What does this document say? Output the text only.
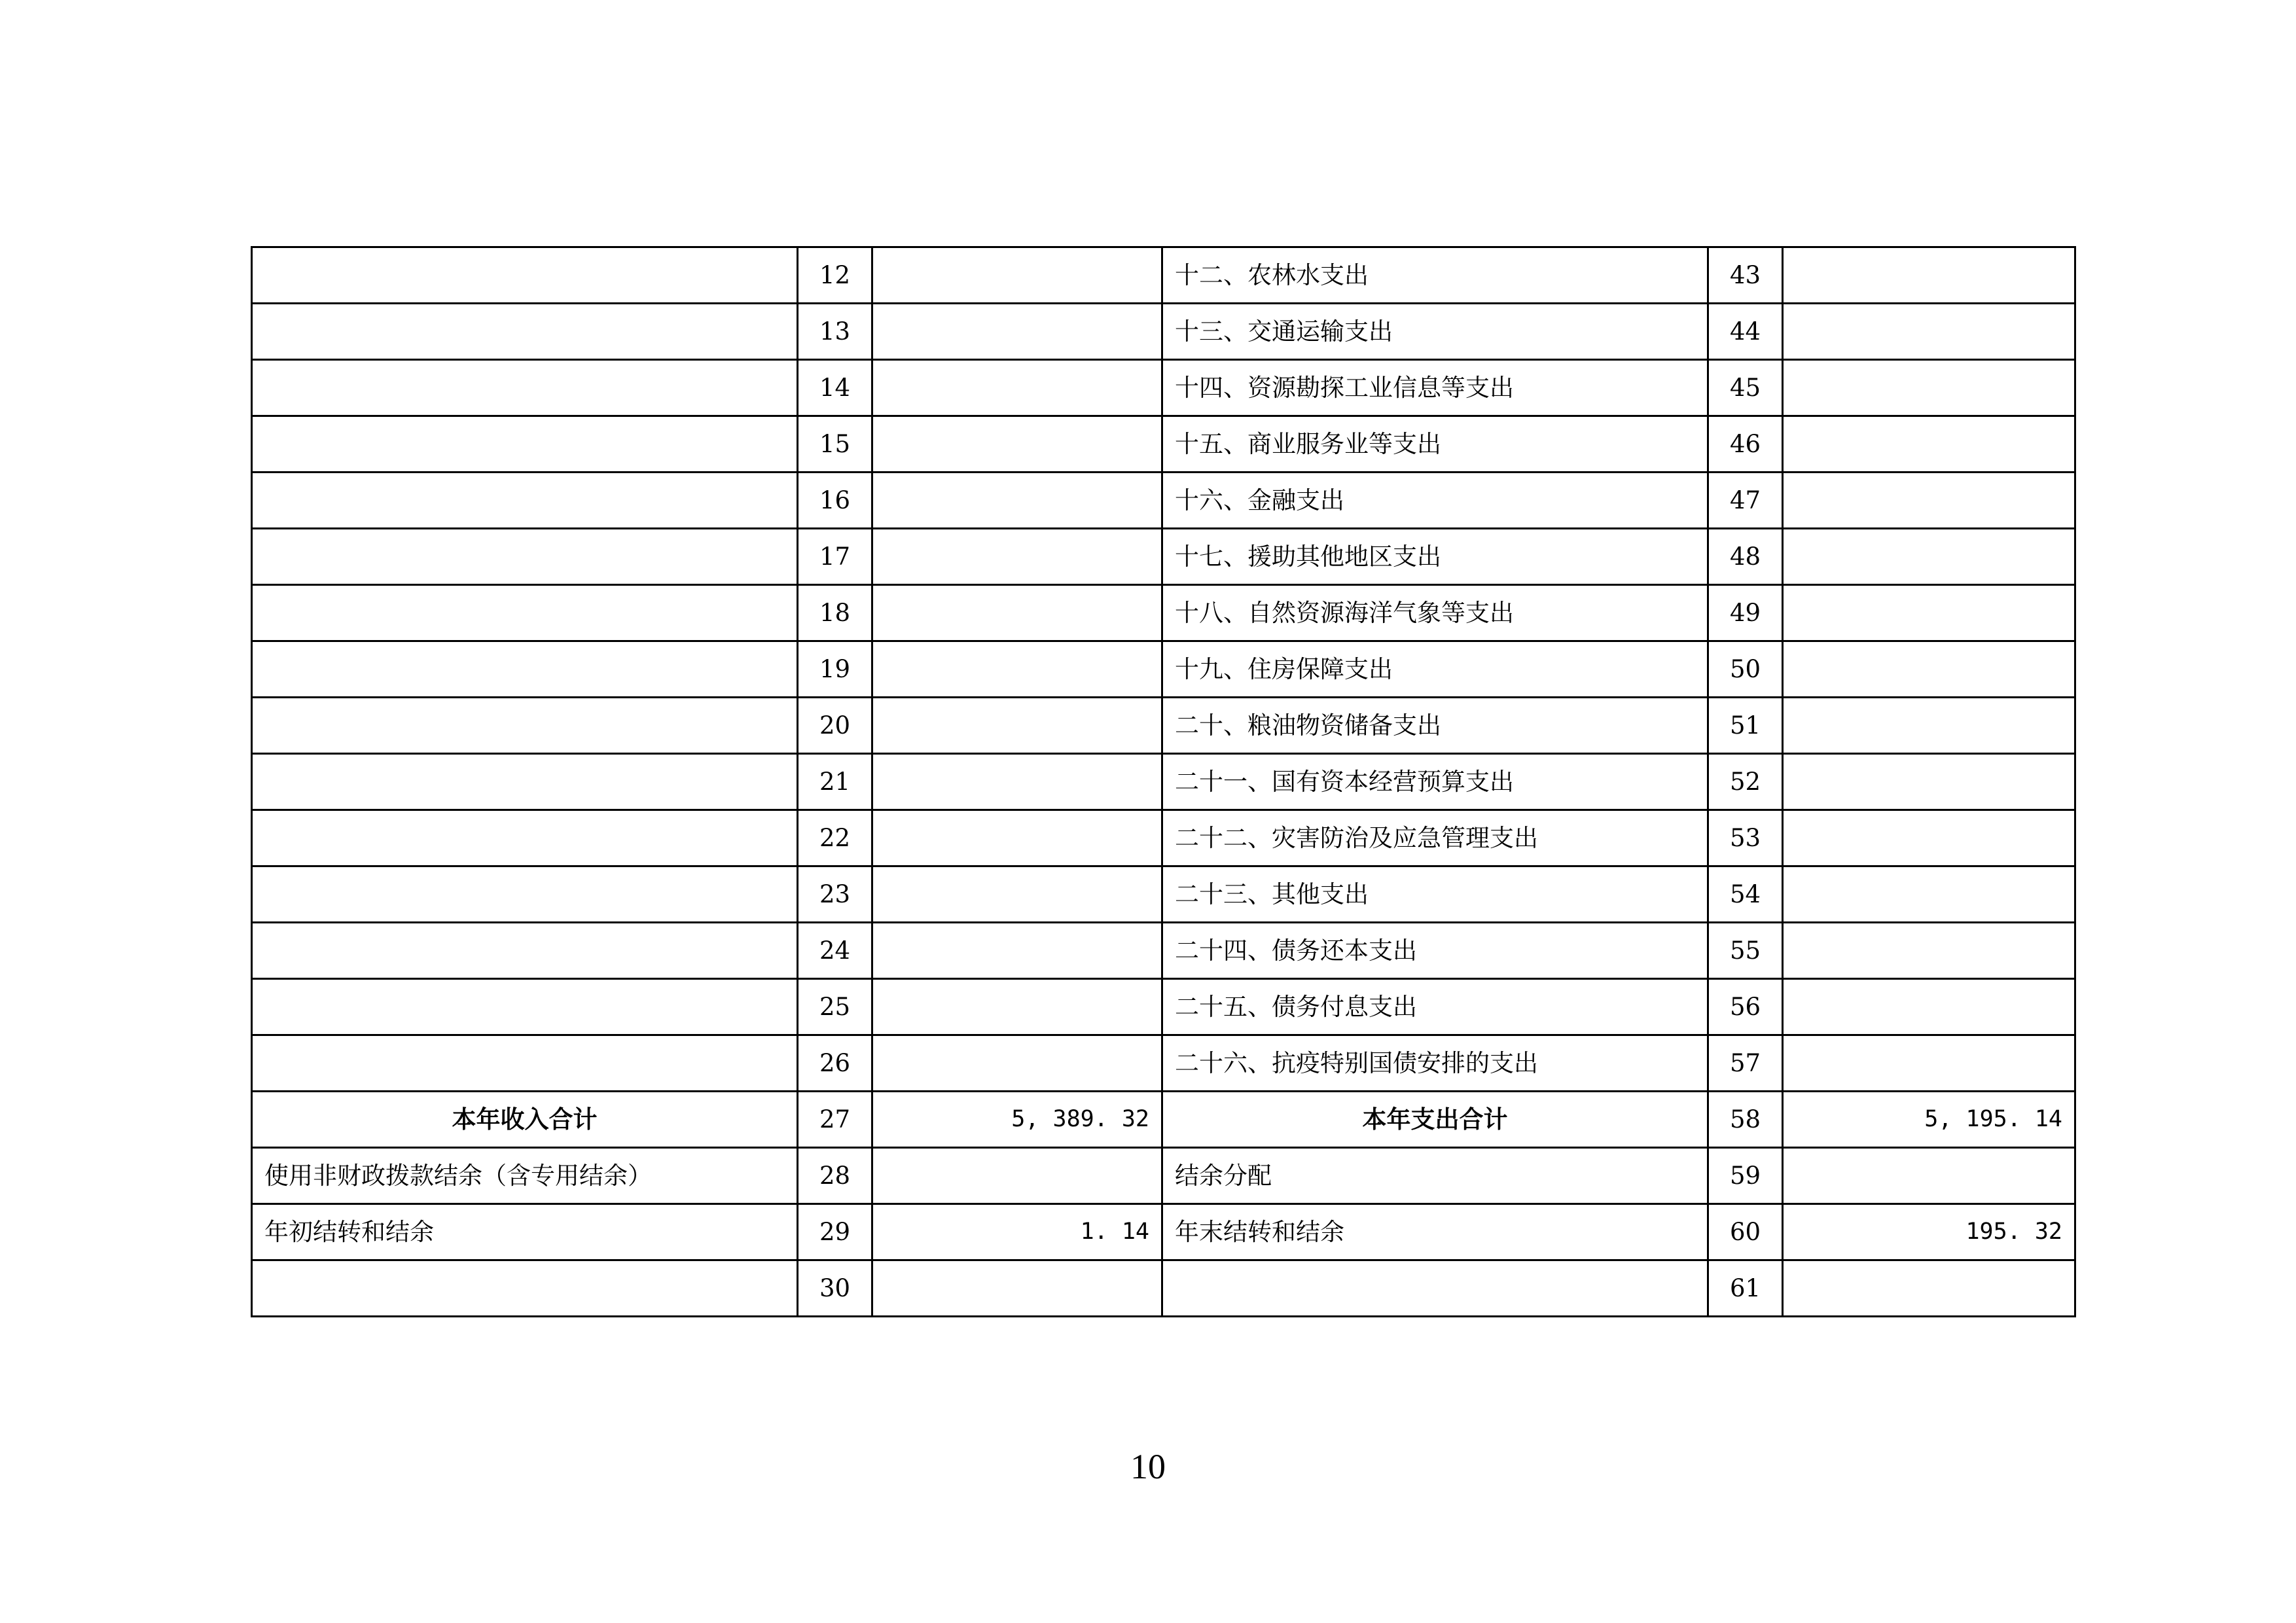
	12		十二、农林水支出	43	
	13		十三、交通运输支出	44	
	14		十四、资源勘探工业信息等支出	45	
	15		十五、商业服务业等支出	46	
	16		十六、金融支出	47	
	17		十七、援助其他地区支出	48	
	18		十八、自然资源海洋气象等支出	49	
	19		十九、住房保障支出	50	
	20		二十、粮油物资储备支出	51	
	21		二十一、国有资本经营预算支出	52	
	22		二十二、灾害防治及应急管理支出	53	
	23		二十三、其他支出	54	
	24		二十四、债务还本支出	55	
	25		二十五、债务付息支出	56	
	26		二十六、抗疫特别国债安排的支出	57	
本年收入合计	27	5, 389. 32	本年支出合计	58	5, 195. 14
使用非财政拨款结余（含专用结余）	28		结余分配	59	
年初结转和结余	29	1. 14	年末结转和结余	60	195. 32
	30			61	
10
